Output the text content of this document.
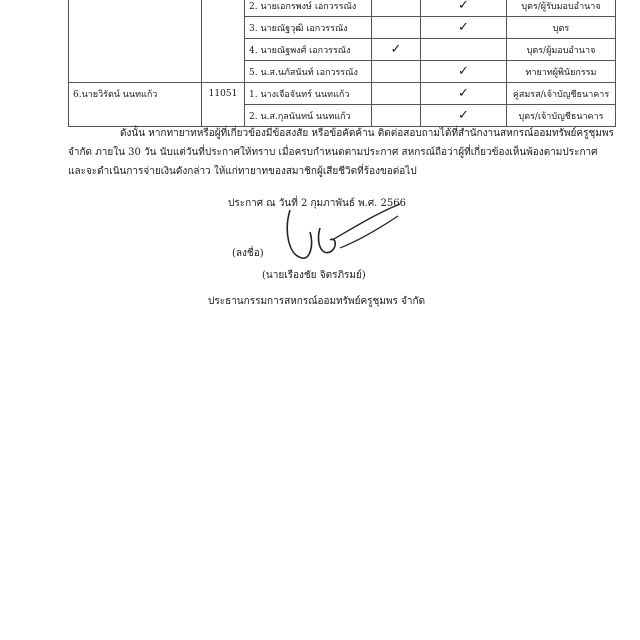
		2. นายเอกรพงษ์ เอกวรรณัง		✓	บุตร/ผู้รับมอบอำนาจ
		3. นายณัฐวุฒิ เอกวรรณัง		✓	บุตร
		4. นายณัฐพงศ์ เอกวรรณัง	✓		บุตร/ผู้มอบอำนาจ
		5. น.ส.นภัสนันท์ เอกวรรณัง		✓	ทายาทผู้พินัยกรรม
6.นายวิรัตน์ นนทแก้ว	11051	1. นางเจือจันทร์ นนทแก้ว		✓	คู่สมรส/เจ้าบัญชีธนาคาร
		2. น.ส.กุลนันทน์ นนทแก้ว		✓	บุตร/เจ้าบัญชีธนาคาร
ดังนั้น หากทายาทหรือผู้ที่เกี่ยวข้องมีข้อสงสัย หรือข้อคัดค้าน ติดต่อสอบถามได้ที่สำนักงานสหกรณ์ออมทรัพย์ครูชุมพร จำกัด ภายใน 30 วัน นับแต่วันที่ประกาศให้ทราบ เมื่อครบกำหนดตามประกาศ สหกรณ์ถือว่าผู้ที่เกี่ยวข้องเห็นพ้องตามประกาศ และจะดำเนินการจ่ายเงินดังกล่าว ให้แก่ทายาทของสมาชิกผู้เสียชีวิตที่ร้องขอต่อไป
ประกาศ ณ วันที่ 2 กุมภาพันธ์ พ.ศ. 2566
(ลงชื่อ)
(นายเรืองชัย จิตรภิรมย์)
ประธานกรรมการสหกรณ์ออมทรัพย์ครูชุมพร จำกัด
